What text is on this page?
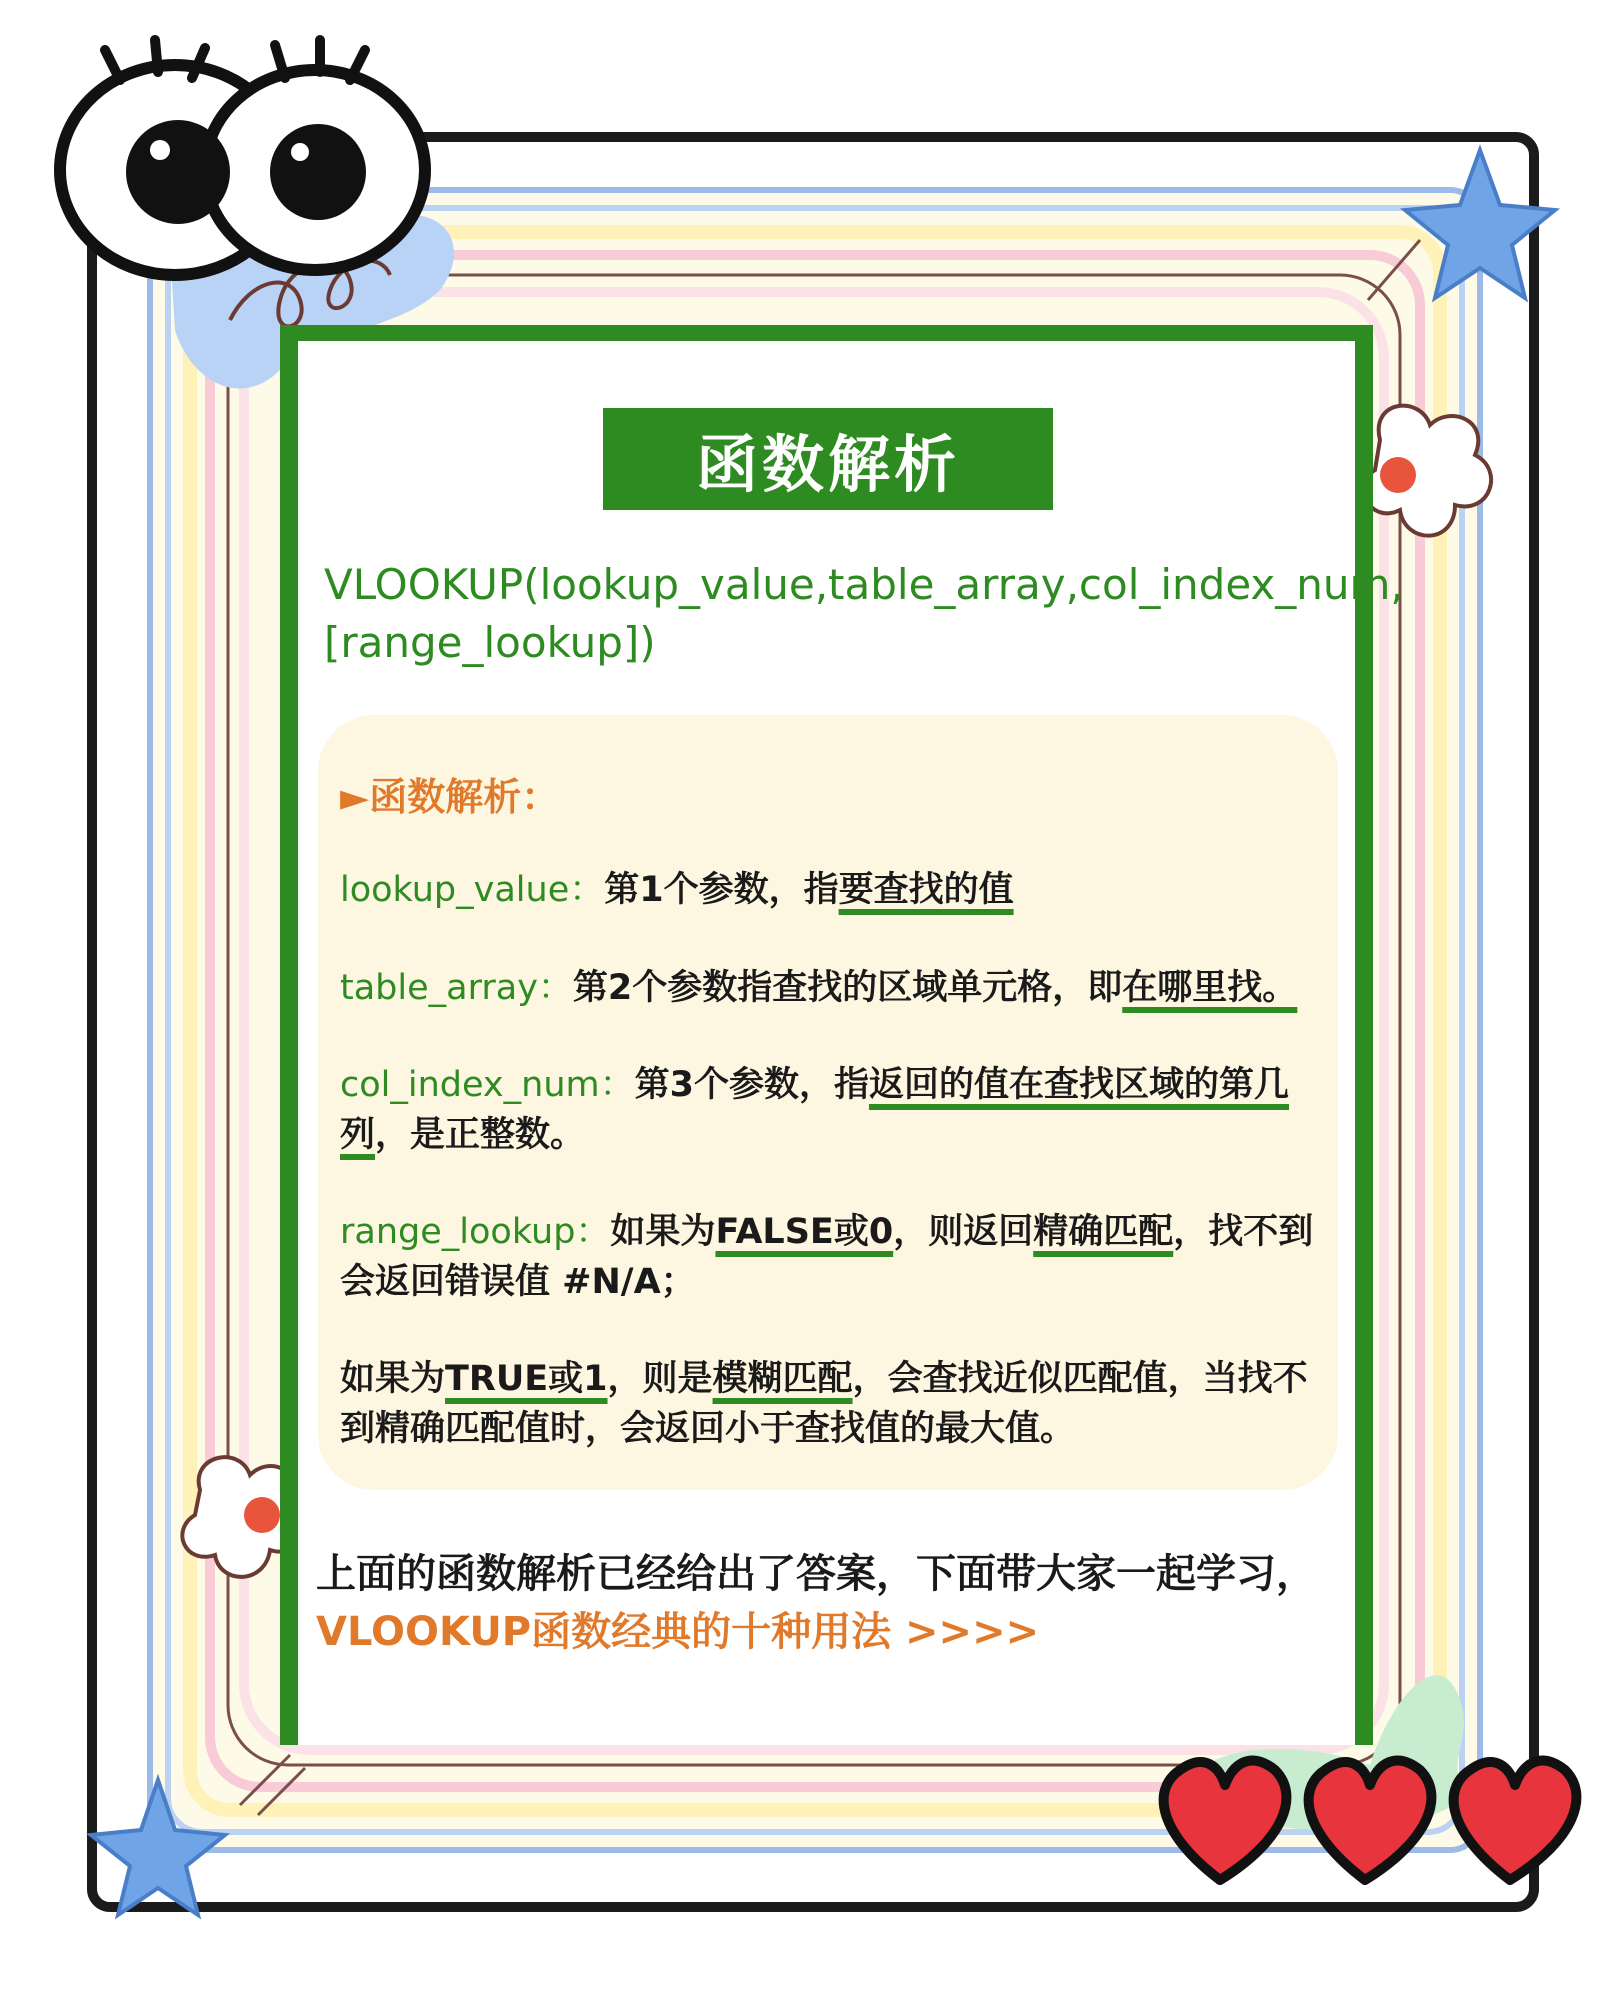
函数解析
VLOOKUP(lookup_value,table_array,col_index_num,
[range_lookup])
►函数解析：
lookup_value：第1个参数，指要查找的值
table_array：第2个参数指查找的区域单元格，即在哪里找。
col_index_num：第3个参数，指返回的值在查找区域的第几
列，是正整数。
range_lookup：如果为FALSE或0，则返回精确匹配，找不到
会返回错误值 #N/A；
如果为TRUE或1，则是模糊匹配，会查找近似匹配值，当找不
到精确匹配值时，会返回小于查找值的最大值。
上面的函数解析已经给出了答案，下面带大家一起学习，
VLOOKUP函数经典的十种用法 >>>>
